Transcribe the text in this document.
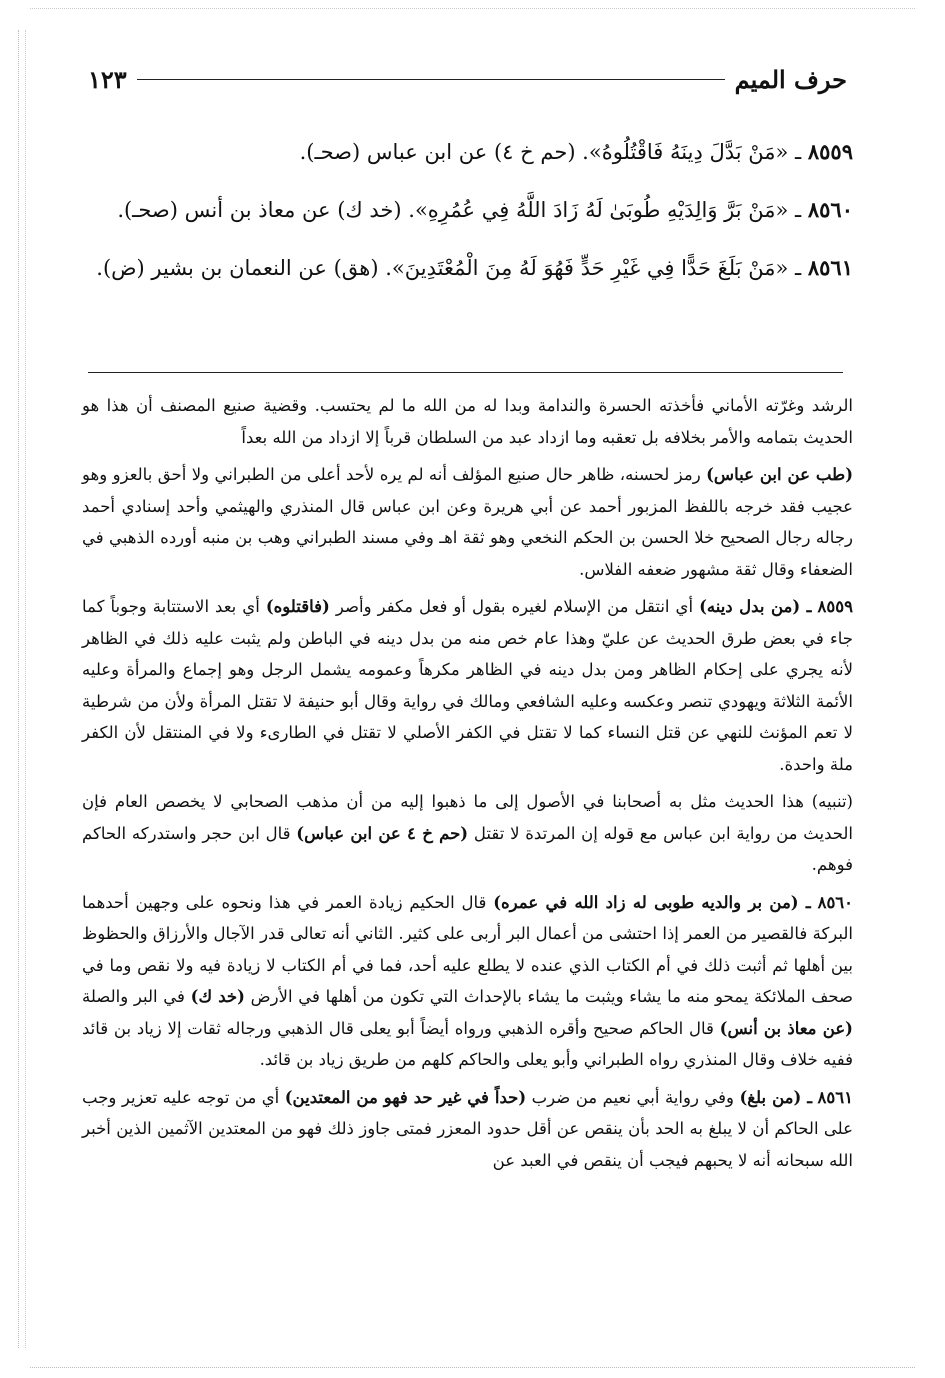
حرف الميم
١٢٣

٨٥٥٩ ـ «مَنْ بَدَّلَ دِينَهُ فَاقْتُلُوهُ». (حم خ ٤) عن ابن عباس (صحـ).

٨٥٦٠ ـ «مَنْ بَرَّ وَالِدَيْهِ طُوبَىٰ لَهُ زَادَ اللَّهُ فِي عُمُرِهِ». (خد ك) عن معاذ بن أنس (صحـ).

٨٥٦١ ـ «مَنْ بَلَغَ حَدًّا فِي غَيْرِ حَدٍّ فَهُوَ لَهُ مِنَ الْمُعْتَدِينَ». (هق) عن النعمان بن بشير (ض).

الرشد وغرّته الأماني فأخذته الحسرة والندامة وبدا له من الله ما لم يحتسب. وقضية صنيع المصنف أن هذا هو الحديث بتمامه والأمر بخلافه بل تعقبه وما ازداد عبد من السلطان قرباً إلا ازداد من الله بعداً

(طب عن ابن عباس) رمز لحسنه، ظاهر حال صنيع المؤلف أنه لم يره لأحد أعلى من الطبراني ولا أحق بالعزو وهو عجيب فقد خرجه باللفظ المزبور أحمد عن أبي هريرة وعن ابن عباس قال المنذري والهيثمي وأحد إسنادي أحمد رجاله رجال الصحيح خلا الحسن بن الحكم النخعي وهو ثقة اهـ وفي مسند الطبراني وهب بن منبه أورده الذهبي في الضعفاء وقال ثقة مشهور ضعفه الفلاس.

٨٥٥٩ ـ (من بدل دينه) أي انتقل من الإسلام لغيره بقول أو فعل مكفر وأصر (فاقتلوه) أي بعد الاستتابة وجوباً كما جاء في بعض طرق الحديث عن عليّ وهذا عام خص منه من بدل دينه في الباطن ولم يثبت عليه ذلك في الظاهر لأنه يجري على إحكام الظاهر ومن بدل دينه في الظاهر مكرهاً وعمومه يشمل الرجل وهو إجماع والمرأة وعليه الأئمة الثلاثة ويهودي تنصر وعكسه وعليه الشافعي ومالك في رواية وقال أبو حنيفة لا تقتل المرأة ولأن من شرطية لا تعم المؤنث للنهي عن قتل النساء كما لا تقتل في الكفر الأصلي لا تقتل في الطارىء ولا في المنتقل لأن الكفر ملة واحدة.

(تنبيه) هذا الحديث مثل به أصحابنا في الأصول إلى ما ذهبوا إليه من أن مذهب الصحابي لا يخصص العام فإن الحديث من رواية ابن عباس مع قوله إن المرتدة لا تقتل (حم خ ٤ عن ابن عباس) قال ابن حجر واستدركه الحاكم فوهم.

٨٥٦٠ ـ (من بر والديه طوبى له زاد الله في عمره) قال الحكيم زيادة العمر في هذا ونحوه على وجهين أحدهما البركة فالقصير من العمر إذا احتشى من أعمال البر أربى على كثير. الثاني أنه تعالى قدر الآجال والأرزاق والحظوظ بين أهلها ثم أثبت ذلك في أم الكتاب الذي عنده لا يطلع عليه أحد، فما في أم الكتاب لا زيادة فيه ولا نقص وما في صحف الملائكة يمحو منه ما يشاء ويثبت ما يشاء بالإحداث التي تكون من أهلها في الأرض (خد ك) في البر والصلة (عن معاذ بن أنس) قال الحاكم صحيح وأقره الذهبي ورواه أيضاً أبو يعلى قال الذهبي ورجاله ثقات إلا زياد بن قائد ففيه خلاف وقال المنذري رواه الطبراني وأبو يعلى والحاكم كلهم من طريق زياد بن قائد.

٨٥٦١ ـ (من بلغ) وفي رواية أبي نعيم من ضرب (حداً في غير حد فهو من المعتدين) أي من توجه عليه تعزير وجب على الحاكم أن لا يبلغ به الحد بأن ينقص عن أقل حدود المعزر فمتى جاوز ذلك فهو من المعتدين الآثمين الذين أخبر الله سبحانه أنه لا يحبهم فيجب أن ينقص في العبد عن
